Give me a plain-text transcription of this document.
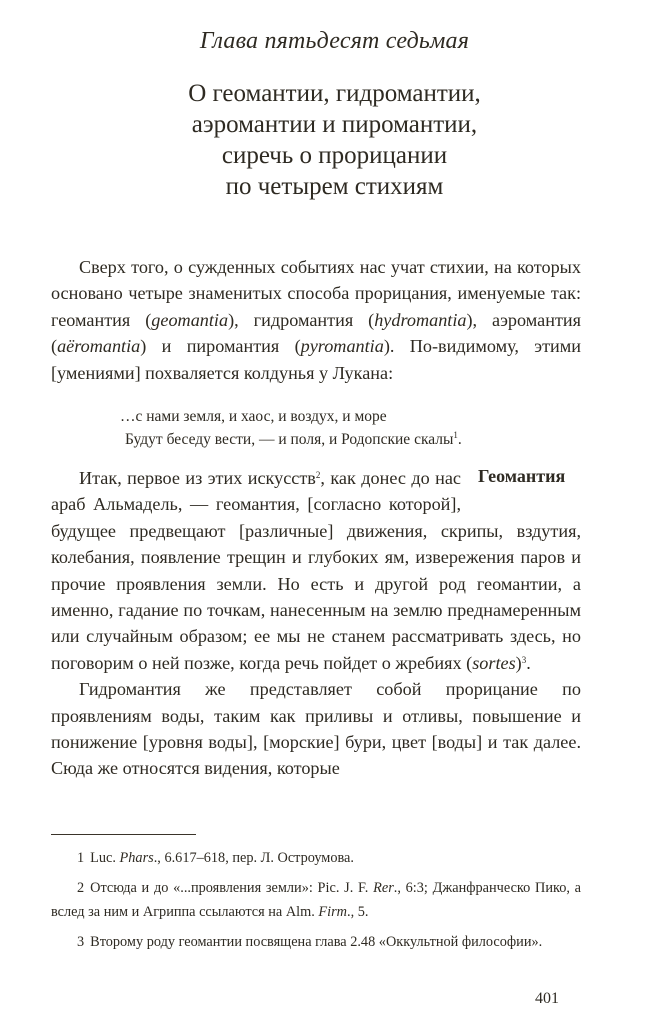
Глава пятьдесят седьмая
О геомантии, гидромантии,
аэромантии и пиромантии,
сиречь о прорицании
по четырем стихиям

Сверх того, о сужденных событиях нас учат стихии, на которых основано четыре знаменитых способа прорицания, именуемые так: геомантия (geomantia), гидромантия (hydromantia), аэромантия (aëromantia) и пиромантия (pyromantia). По-видимому, этими [умениями] похваляется колдунья у Лукана:

…с нами земля, и хаос, и воздух, и море
Будут беседу вести, — и поля, и Родопские скалы$^1$.
Геомантия

Итак, первое из этих искусств$^2$, как донес до нас араб Альмадель, — геомантия, [согласно которой], будущее предвещают [различные] движения, скрипы, вздутия, колебания, появление трещин и глубоких ям, извережения паров и прочие проявления земли. Но есть и другой род геомантии, а именно, гадание по точкам, нанесенным на землю преднамеренным или случайным образом; ее мы не станем рассматривать здесь, но поговорим о ней позже, когда речь пойдет о жребиях (sortes)$^3$.

Гидромантия же представляет собой прорицание по проявлениям воды, таким как приливы и отливы, повышение и понижение [уровня воды], [морские] бури, цвет [воды] и так далее. Сюда же относятся видения, которые

1 Luc. Phars., 6.617–618, пер. Л. Остроумова.

2 Отсюда и до «...проявления земли»: Pic. J. F. Rer., 6:3; Джанфранческо Пико, а вслед за ним и Агриппа ссылаются на Alm. Firm., 5.

3 Второму роду геомантии посвящена глава 2.48 «Оккультной философии».

401
